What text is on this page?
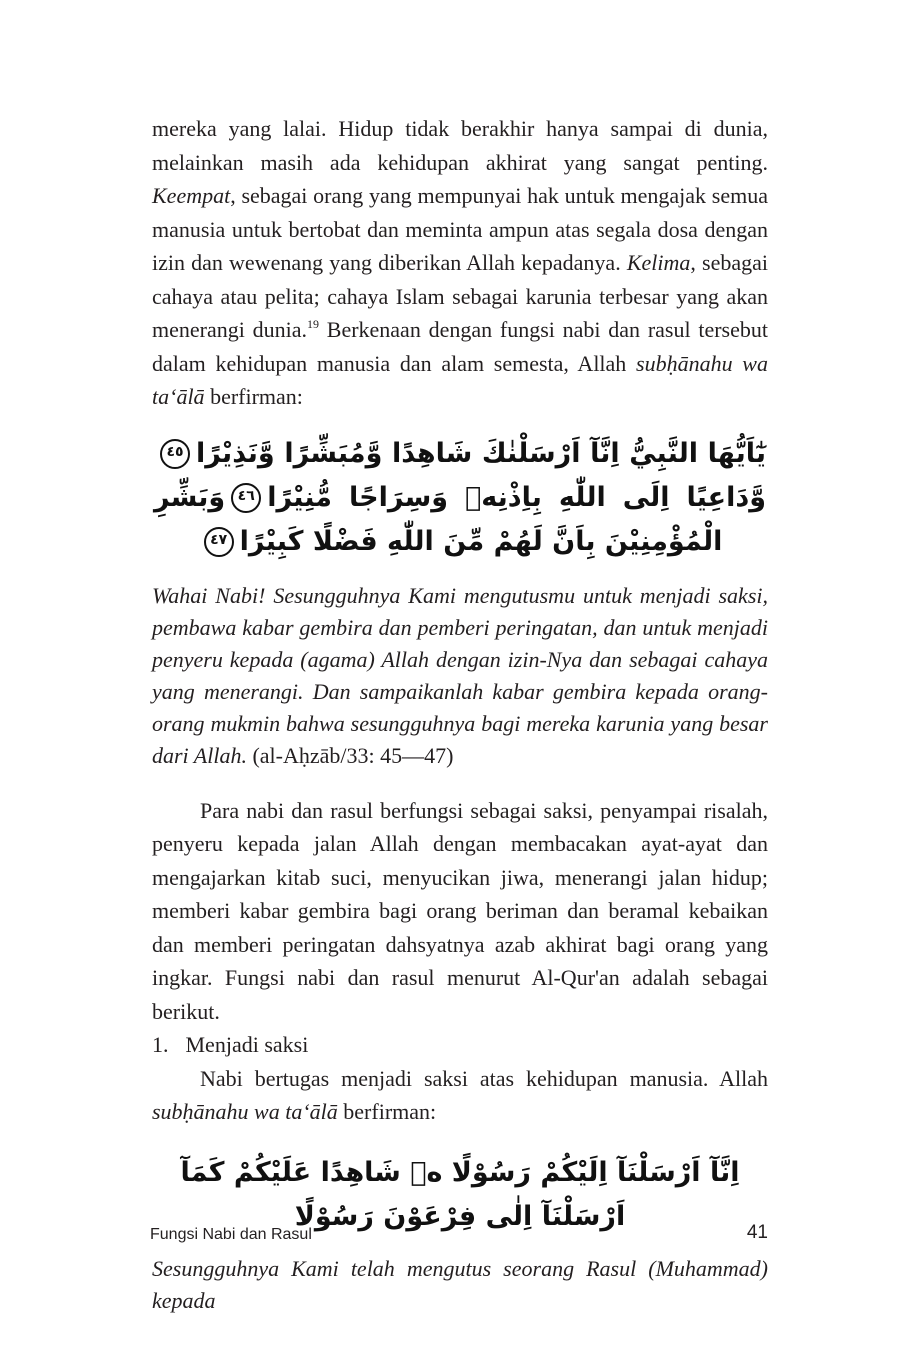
mereka yang lalai. Hidup tidak berakhir hanya sampai di dunia, melainkan masih ada kehidupan akhirat yang sangat penting. Keempat, sebagai orang yang mempunyai hak untuk mengajak semua manusia untuk bertobat dan meminta ampun atas segala dosa dengan izin dan wewenang yang diberikan Allah kepadanya. Kelima, sebagai cahaya atau pelita; cahaya Islam sebagai karunia terbesar yang akan menerangi dunia.$^{19}$ Berkenaan dengan fungsi nabi dan rasul tersebut dalam kehidupan manusia dan alam semesta, Allah subḥānahu wa ta‘ālā berfirman:

يٰٓاَيُّهَا النَّبِيُّ اِنَّآ اَرْسَلْنٰكَ شَاهِدًا وَّمُبَشِّرًا وَّنَذِيْرًا٤٥وَّدَاعِيًا اِلَى اللّٰهِ بِاِذْنِهٖ وَسِرَاجًا مُّنِيْرًا٤٦وَبَشِّرِ الْمُؤْمِنِيْنَ بِاَنَّ لَهُمْ مِّنَ اللّٰهِ فَضْلًا كَبِيْرًا٤٧

Wahai Nabi! Sesungguhnya Kami mengutusmu untuk menjadi saksi, pembawa kabar gembira dan pemberi peringatan, dan untuk menjadi penyeru kepada (agama) Allah dengan izin-Nya dan sebagai cahaya yang menerangi. Dan sampaikanlah kabar gembira kepada orang-orang mukmin bahwa sesungguhnya bagi mereka karunia yang besar dari Allah. (al-Aḥzāb/33: 45—47)

Para nabi dan rasul berfungsi sebagai saksi, penyampai risalah, penyeru kepada jalan Allah dengan membacakan ayat-ayat dan mengajarkan kitab suci, menyucikan jiwa, menerangi jalan hidup; memberi kabar gembira bagi orang beriman dan beramal kebaikan dan memberi peringatan dahsyatnya azab akhirat bagi orang yang ingkar. Fungsi nabi dan rasul menurut Al-Qur'an adalah sebagai berikut.

1. Menjadi saksi

Nabi bertugas menjadi saksi atas kehidupan manusia. Allah subḥānahu wa ta‘ālā berfirman:

اِنَّآ اَرْسَلْنَآ اِلَيْكُمْ رَسُوْلًا ەۙ شَاهِدًا عَلَيْكُمْ كَمَآ اَرْسَلْنَآ اِلٰى فِرْعَوْنَ رَسُوْلًا

Sesungguhnya Kami telah mengutus seorang Rasul (Muhammad) kepada

Fungsi Nabi dan Rasul	41
